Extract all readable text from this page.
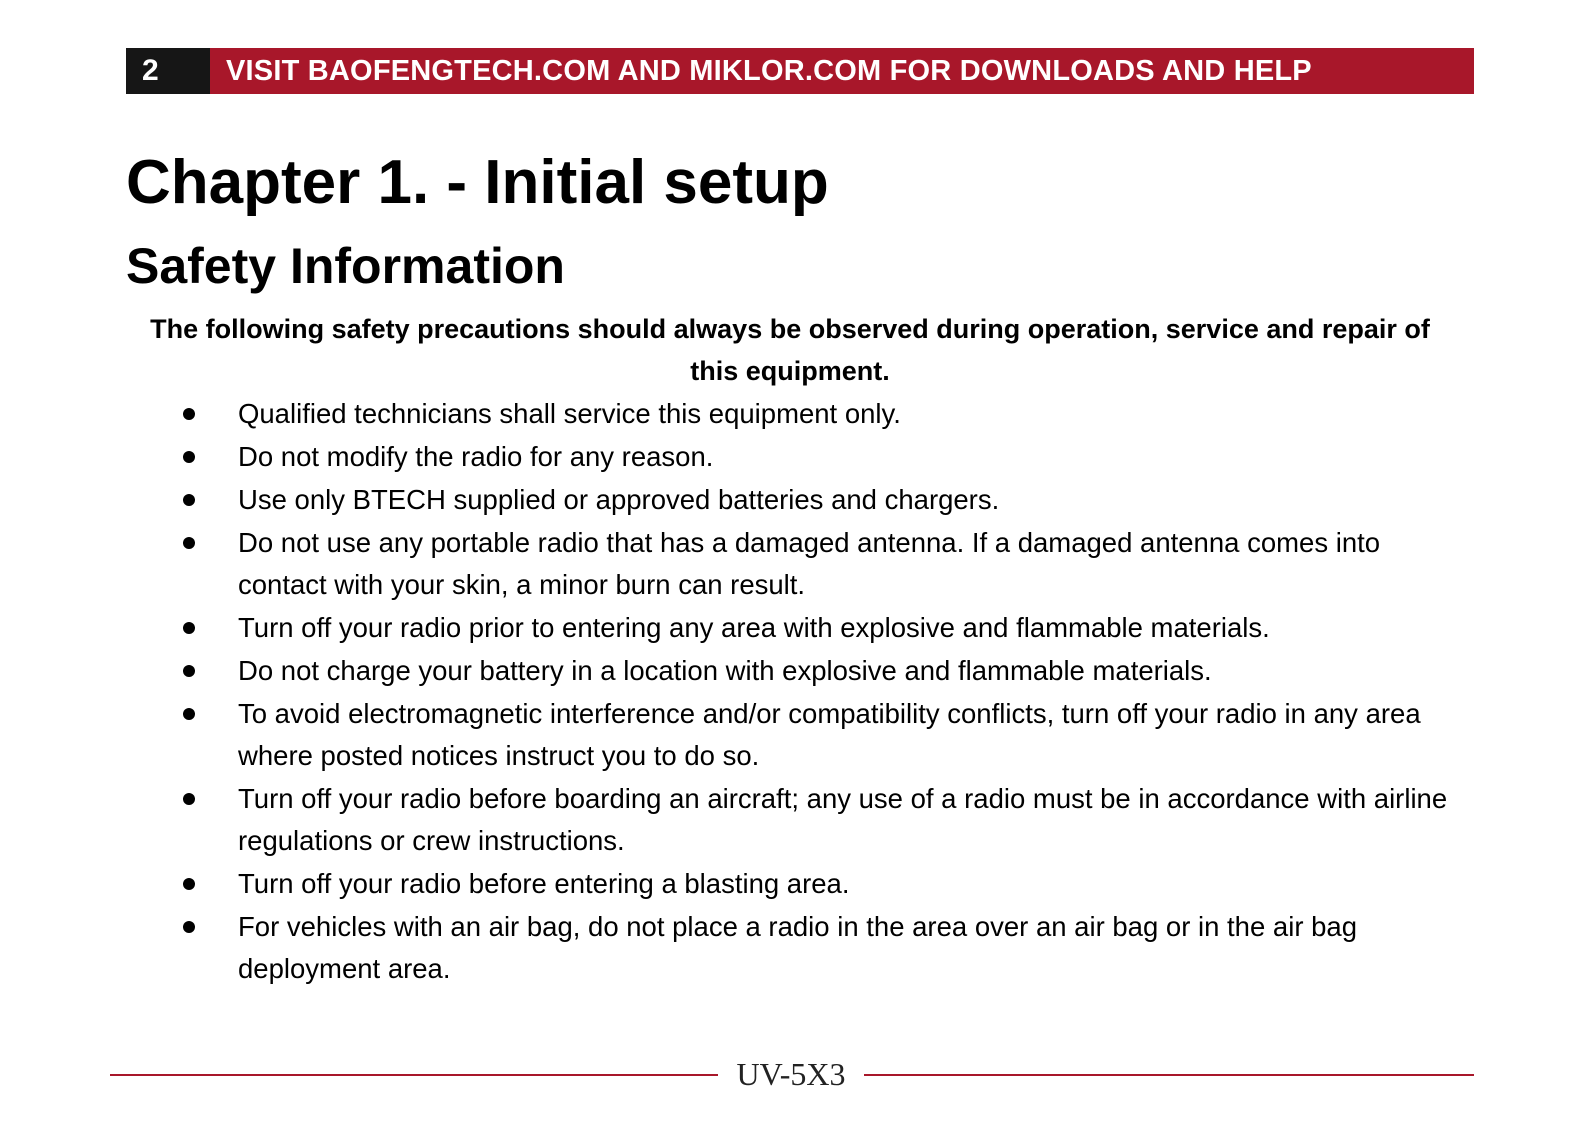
2	VISIT BAOFENGTECH.COM AND MIKLOR.COM FOR DOWNLOADS AND HELP
Chapter 1. - Initial setup
Safety Information

The following safety precautions should always be observed during operation, service and repair of this equipment.

Qualified technicians shall service this equipment only.
Do not modify the radio for any reason.
Use only BTECH supplied or approved batteries and chargers.
Do not use any portable radio that has a damaged antenna. If a damaged antenna comes into contact with your skin, a minor burn can result.
Turn off your radio prior to entering any area with explosive and flammable materials.
Do not charge your battery in a location with explosive and flammable materials.
To avoid electromagnetic interference and/or compatibility conflicts, turn off your radio in any area where posted notices instruct you to do so.
Turn off your radio before boarding an aircraft; any use of a radio must be in accordance with airline regulations or crew instructions.
Turn off your radio before entering a blasting area.
For vehicles with an air bag, do not place a radio in the area over an air bag or in the air bag deployment area.
UV-5X3
